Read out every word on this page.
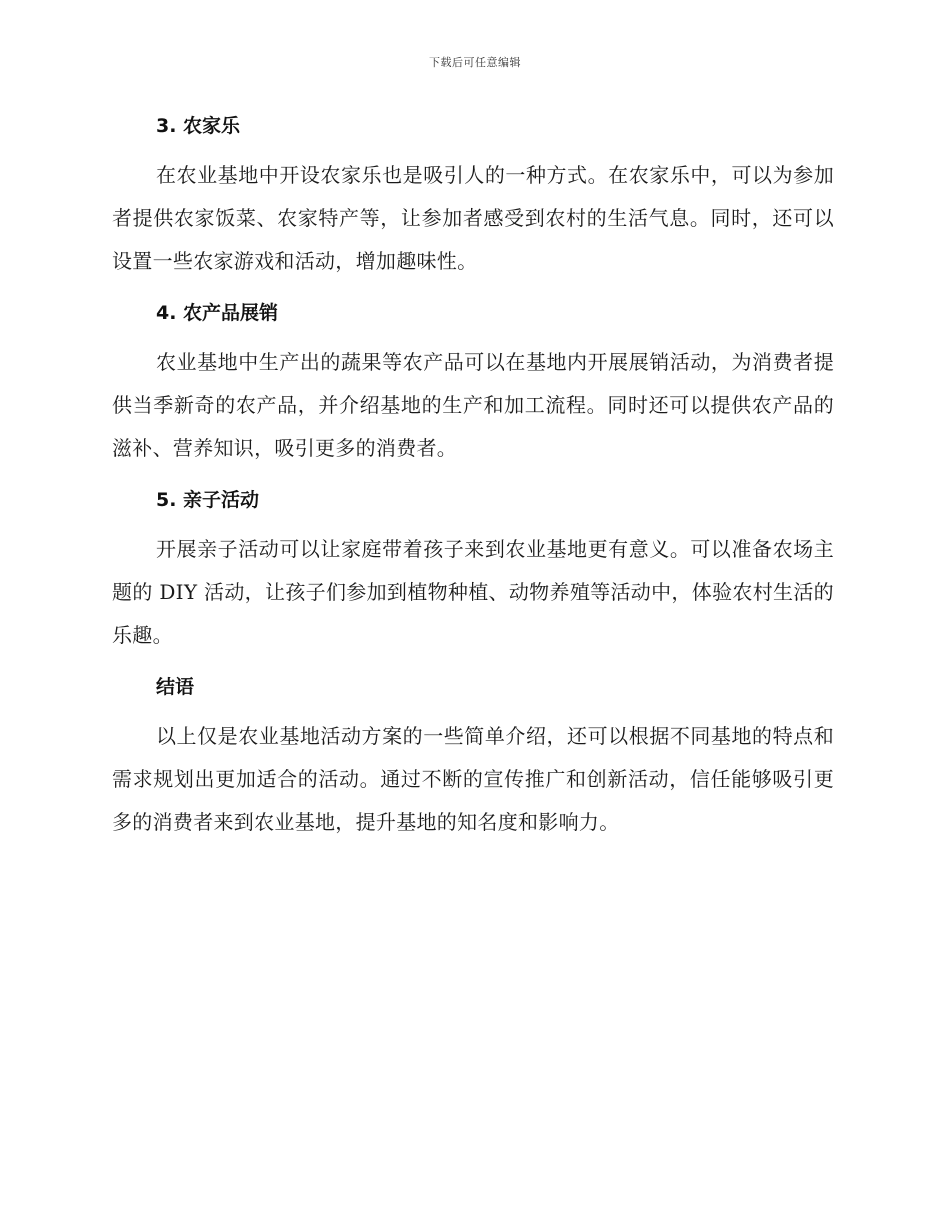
下载后可任意编辑
3. 农家乐

在农业基地中开设农家乐也是吸引人的一种方式。在农家乐中，可以为参加者提供农家饭菜、农家特产等，让参加者感受到农村的生活气息。同时，还可以设置一些农家游戏和活动，增加趣味性。

4. 农产品展销

农业基地中生产出的蔬果等农产品可以在基地内开展展销活动，为消费者提供当季新奇的农产品，并介绍基地的生产和加工流程。同时还可以提供农产品的滋补、营养知识，吸引更多的消费者。

5. 亲子活动

开展亲子活动可以让家庭带着孩子来到农业基地更有意义。可以准备农场主题的 DIY 活动，让孩子们参加到植物种植、动物养殖等活动中，体验农村生活的乐趣。

结语

以上仅是农业基地活动方案的一些简单介绍，还可以根据不同基地的特点和需求规划出更加适合的活动。通过不断的宣传推广和创新活动，信任能够吸引更多的消费者来到农业基地，提升基地的知名度和影响力。
